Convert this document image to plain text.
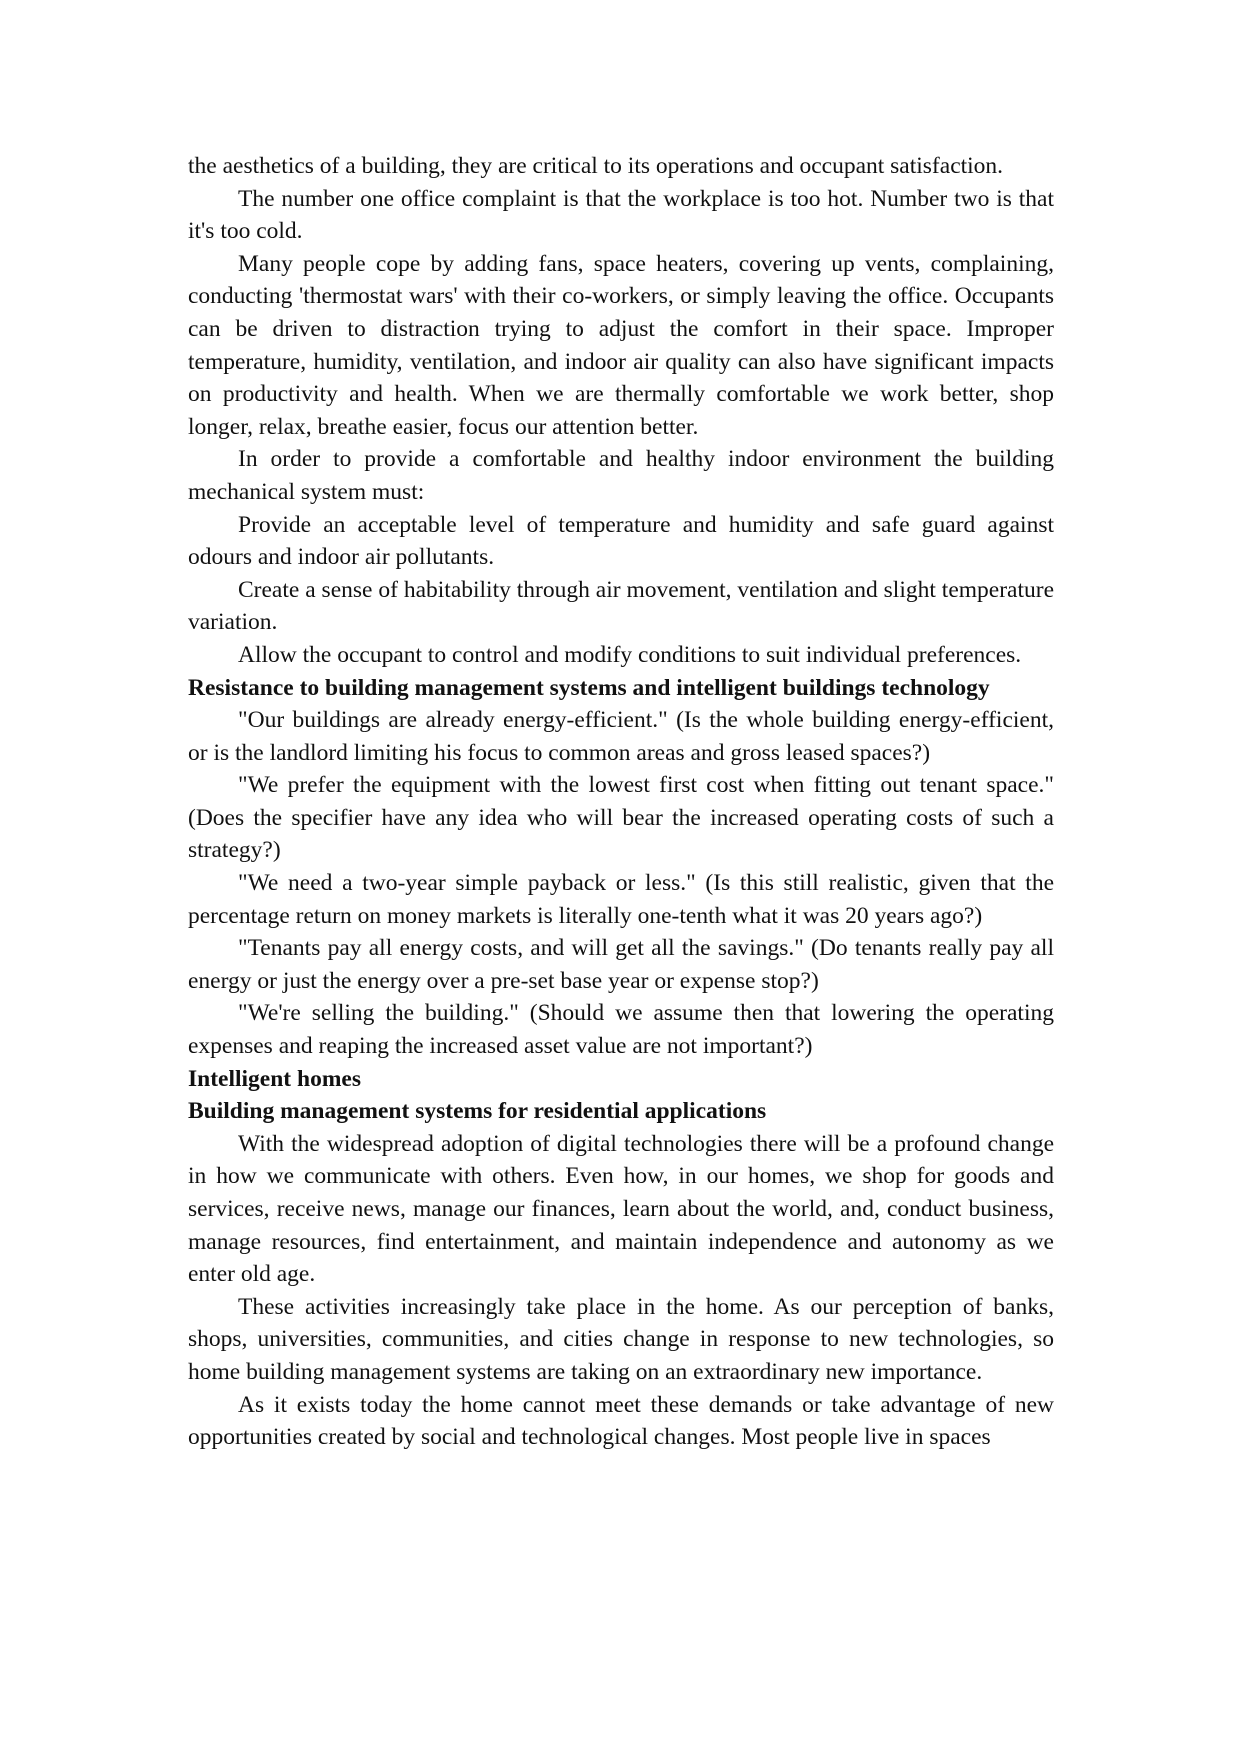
the aesthetics of a building, they are critical to its operations and occupant satisfaction.

The number one office complaint is that the workplace is too hot. Number two is that it's too cold.

Many people cope by adding fans, space heaters, covering up vents, complaining, conducting 'thermostat wars' with their co-workers, or simply leaving the office. Occupants can be driven to distraction trying to adjust the comfort in their space. Improper temperature, humidity, ventilation, and indoor air quality can also have significant impacts on productivity and health. When we are thermally comfortable we work better, shop longer, relax, breathe easier, focus our attention better.

In order to provide a comfortable and healthy indoor environment the building mechanical system must:

Provide an acceptable level of temperature and humidity and safe guard against odours and indoor air pollutants.

Create a sense of habitability through air movement, ventilation and slight temperature variation.

Allow the occupant to control and modify conditions to suit individual preferences.

Resistance to building management systems and intelligent buildings technology

"Our buildings are already energy-efficient." (Is the whole building energy-efficient, or is the landlord limiting his focus to common areas and gross leased spaces?)

"We prefer the equipment with the lowest first cost when fitting out tenant space." (Does the specifier have any idea who will bear the increased operating costs of such a strategy?)

"We need a two-year simple payback or less." (Is this still realistic, given that the percentage return on money markets is literally one-tenth what it was 20 years ago?)

"Tenants pay all energy costs, and will get all the savings." (Do tenants really pay all energy or just the energy over a pre-set base year or expense stop?)

"We're selling the building." (Should we assume then that lowering the operating expenses and reaping the increased asset value are not important?)

Intelligent homes

Building management systems for residential applications

With the widespread adoption of digital technologies there will be a profound change in how we communicate with others. Even how, in our homes, we shop for goods and services, receive news, manage our finances, learn about the world, and, conduct business, manage resources, find entertainment, and maintain independence and autonomy as we enter old age.

These activities increasingly take place in the home. As our perception of banks, shops, universities, communities, and cities change in response to new technologies, so home building management systems are taking on an extraordinary new importance.

As it exists today the home cannot meet these demands or take advantage of new opportunities created by social and technological changes. Most people live in spaces
